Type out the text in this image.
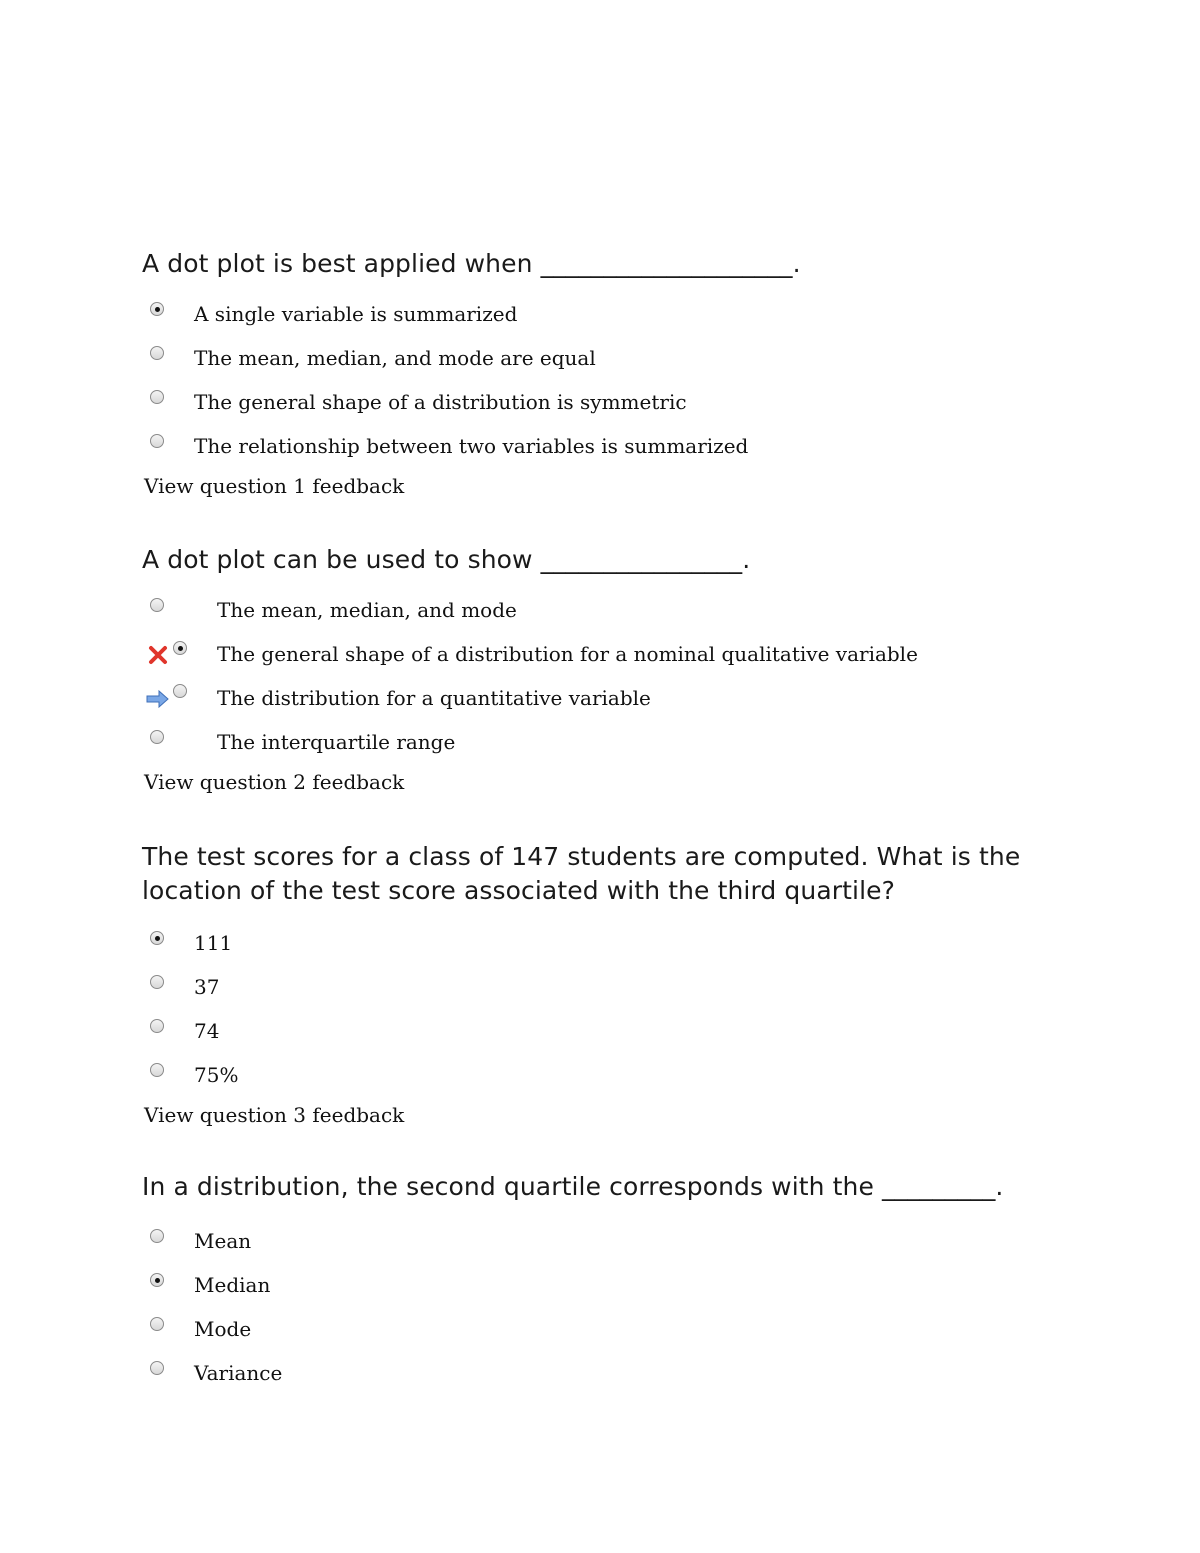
A dot plot is best applied when ____________________.
A single variable is summarized
The mean, median, and mode are equal
The general shape of a distribution is symmetric
The relationship between two variables is summarized
View question 1 feedback
A dot plot can be used to show ________________.
The mean, median, and mode
The general shape of a distribution for a nominal qualitative variable
The distribution for a quantitative variable
The interquartile range
View question 2 feedback
The test scores for a class of 147 students are computed. What is the location of the test score associated with the third quartile?
111
37
74
75%
View question 3 feedback
In a distribution, the second quartile corresponds with the _________.
Mean
Median
Mode
Variance
